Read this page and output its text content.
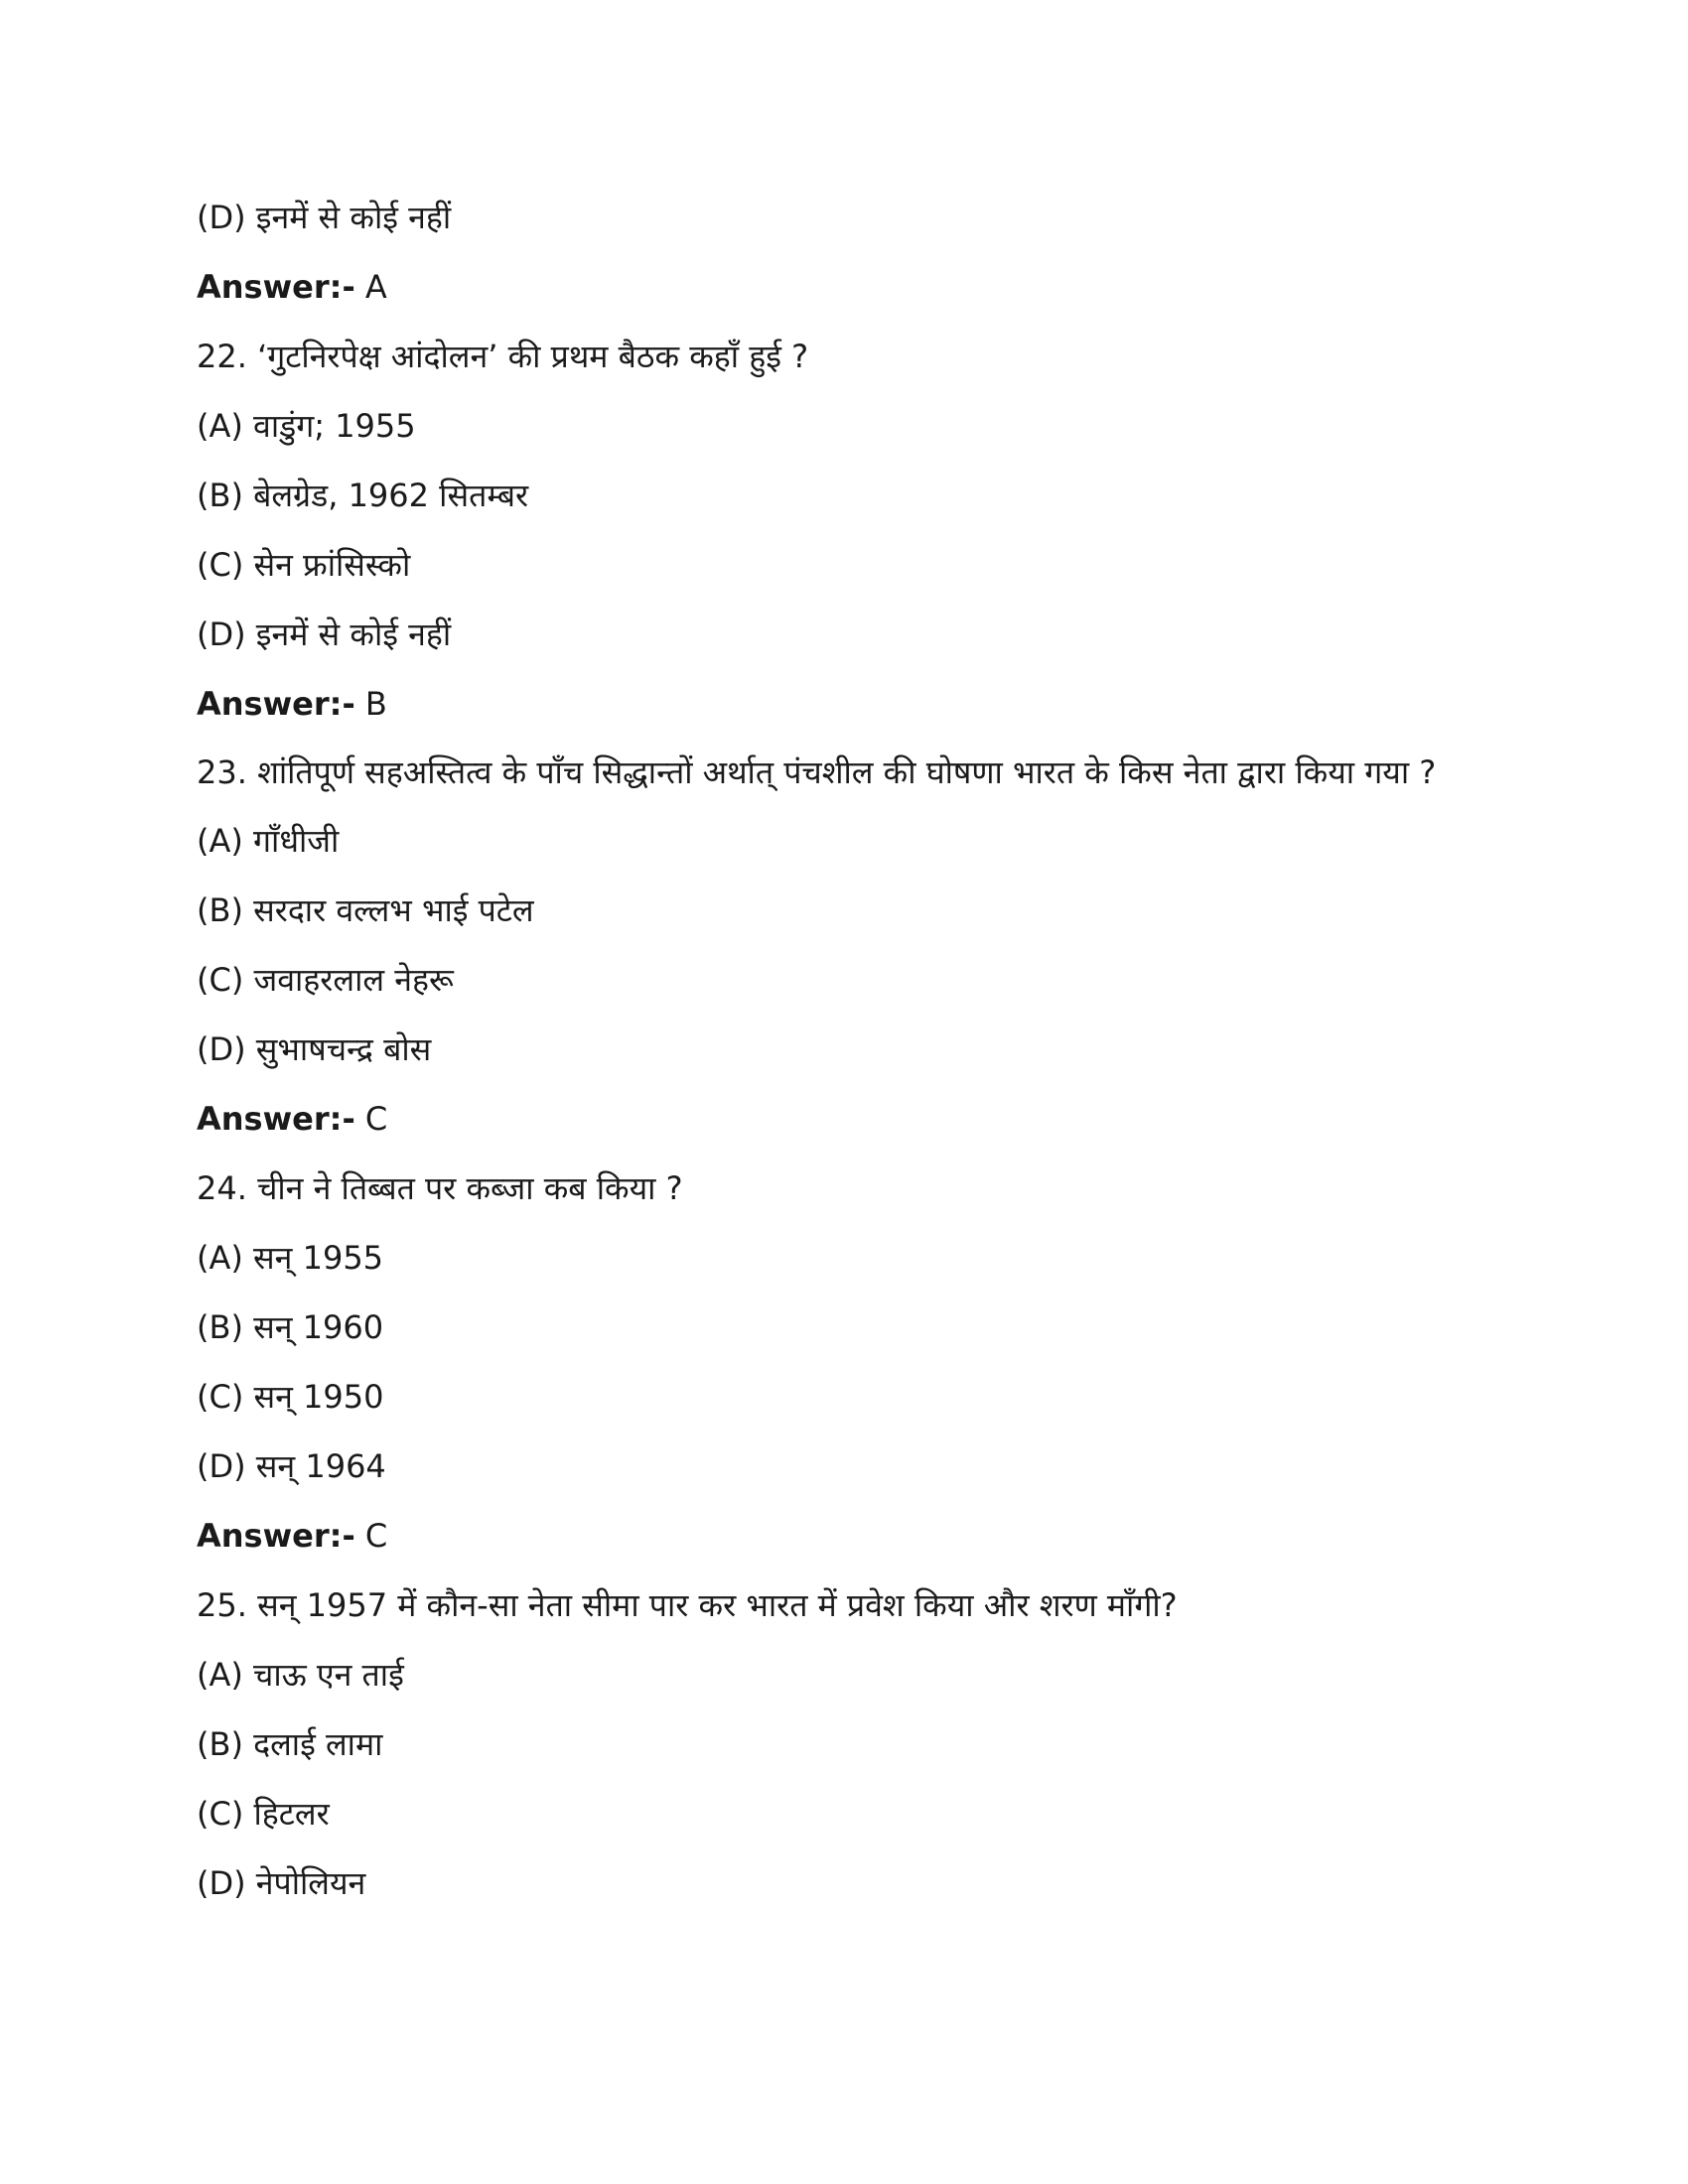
(D) इनमें से कोई नहीं
Answer:- A
22. ‘गुटनिरपेक्ष आंदोलन’ की प्रथम बैठक कहाँ हुई ?
(A) वाडुंग; 1955
(B) बेलग्रेड, 1962 सितम्बर
(C) सेन फ्रांसिस्को
(D) इनमें से कोई नहीं
Answer:- B
23. शांतिपूर्ण सहअस्तित्व के पाँच सिद्धान्तों अर्थात् पंचशील की घोषणा भारत के किस नेता द्वारा किया गया ?
(A) गाँधीजी
(B) सरदार वल्लभ भाई पटेल
(C) जवाहरलाल नेहरू
(D) सुभाषचन्द्र बोस
Answer:- C
24. चीन ने तिब्बत पर कब्जा कब किया ?
(A) सन् 1955
(B) सन् 1960
(C) सन् 1950
(D) सन् 1964
Answer:- C
25. सन् 1957 में कौन-सा नेता सीमा पार कर भारत में प्रवेश किया और शरण माँगी?
(A) चाऊ एन ताई
(B) दलाई लामा
(C) हिटलर
(D) नेपोलियन
